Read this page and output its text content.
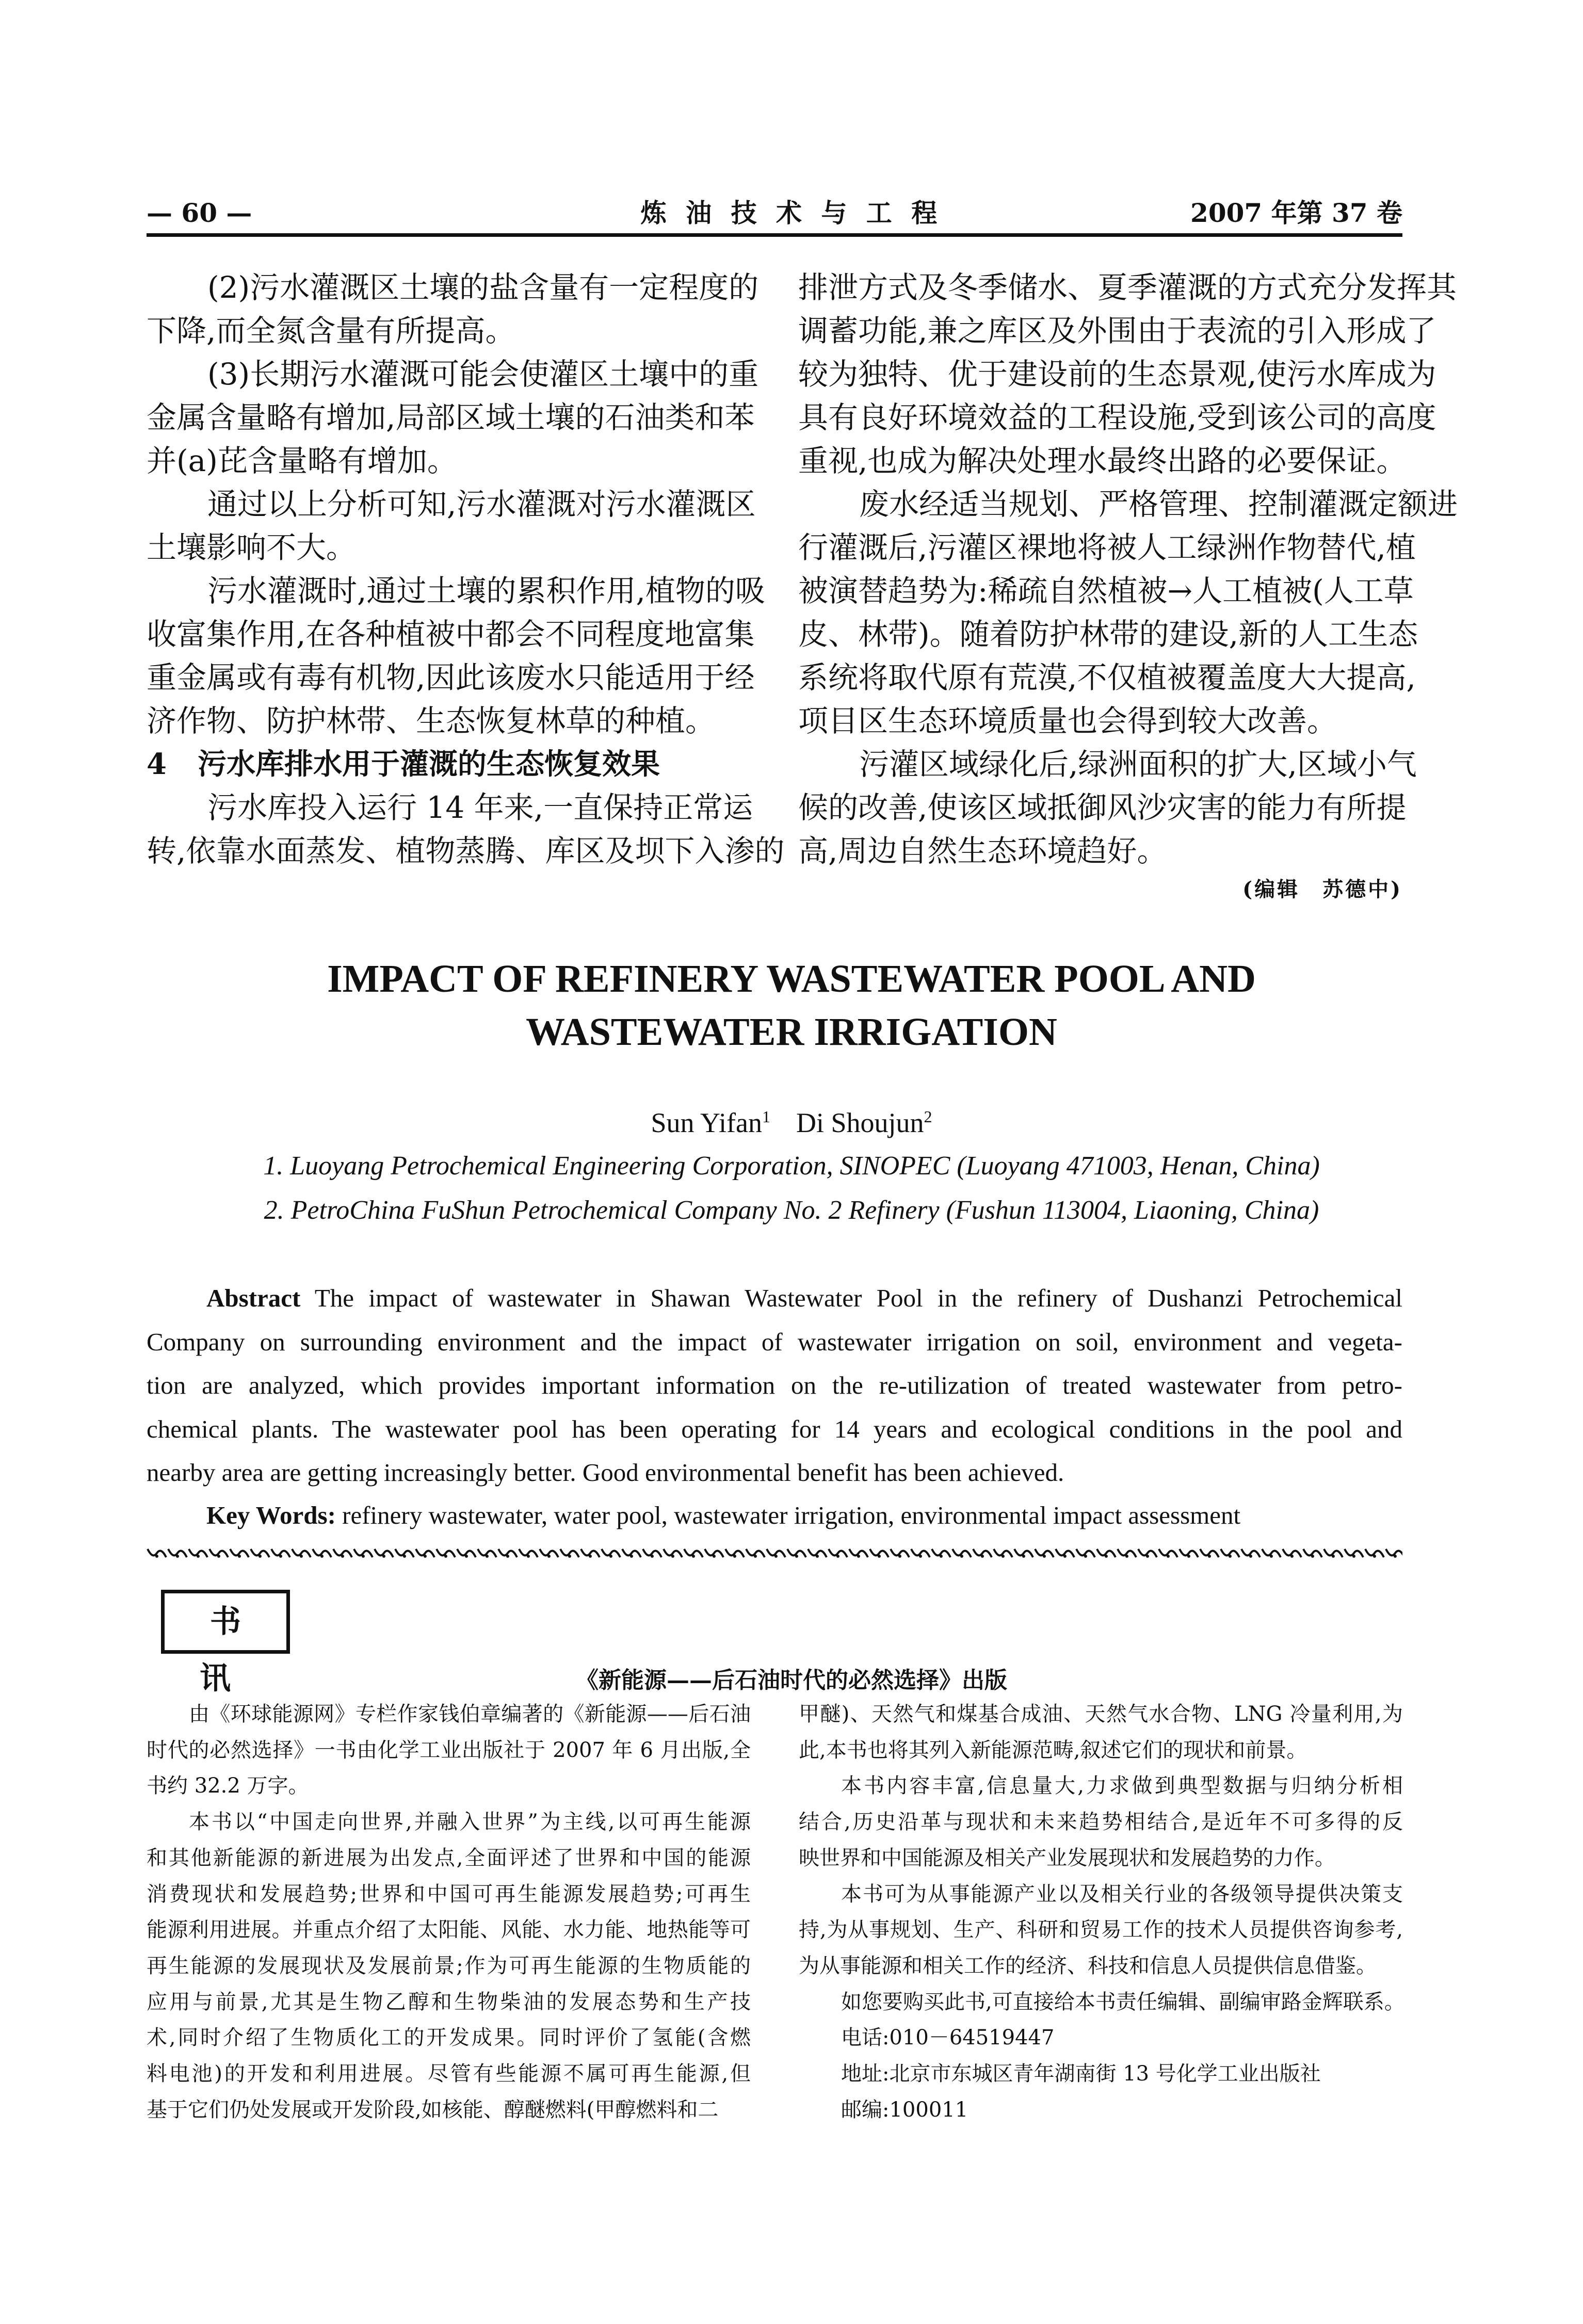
— 60 —	炼 油 技 术 与 工 程	2007 年第 37 卷
(2)污水灌溉区土壤的盐含量有一定程度的
下降,而全氮含量有所提高。
(3)长期污水灌溉可能会使灌区土壤中的重
金属含量略有增加,局部区域土壤的石油类和苯
并(a)芘含量略有增加。
通过以上分析可知,污水灌溉对污水灌溉区
土壤影响不大。
污水灌溉时,通过土壤的累积作用,植物的吸
收富集作用,在各种植被中都会不同程度地富集
重金属或有毒有机物,因此该废水只能适用于经
济作物、防护林带、生态恢复林草的种植。
4 污水库排水用于灌溉的生态恢复效果
污水库投入运行 14 年来,一直保持正常运
转,依靠水面蒸发、植物蒸腾、库区及坝下入渗的
排泄方式及冬季储水、夏季灌溉的方式充分发挥其
调蓄功能,兼之库区及外围由于表流的引入形成了
较为独特、优于建设前的生态景观,使污水库成为
具有良好环境效益的工程设施,受到该公司的高度
重视,也成为解决处理水最终出路的必要保证。
废水经适当规划、严格管理、控制灌溉定额进
行灌溉后,污灌区裸地将被人工绿洲作物替代,植
被演替趋势为:稀疏自然植被→人工植被(人工草
皮、林带)。随着防护林带的建设,新的人工生态
系统将取代原有荒漠,不仅植被覆盖度大大提高,
项目区生态环境质量也会得到较大改善。
污灌区域绿化后,绿洲面积的扩大,区域小气
候的改善,使该区域抵御风沙灾害的能力有所提
高,周边自然生态环境趋好。
(编辑　苏德中)
IMPACT OF REFINERY WASTEWATER POOL AND
WASTEWATER IRRIGATION
Sun Yifan$^1$ Di Shoujun$^2$
1. Luoyang Petrochemical Engineering Corporation, SINOPEC (Luoyang 471003, Henan, China)
2. PetroChina FuShun Petrochemical Company No. 2 Refinery (Fushun 113004, Liaoning, China)
Abstract The impact of wastewater in Shawan Wastewater Pool in the refinery of Dushanzi Petrochemical
Company on surrounding environment and the impact of wastewater irrigation on soil, environment and vegeta-
tion are analyzed, which provides important information on the re-utilization of treated wastewater from petro-
chemical plants. The wastewater pool has been operating for 14 years and ecological conditions in the pool and
nearby area are getting increasingly better. Good environmental benefit has been achieved.
Key Words: refinery wastewater, water pool, wastewater irrigation, environmental impact assessment
书讯	《新能源——后石油时代的必然选择》出版
由《环球能源网》专栏作家钱伯章编著的《新能源——后石油
时代的必然选择》一书由化学工业出版社于 2007 年 6 月出版,全
书约 32.2 万字。
本书以“中国走向世界,并融入世界”为主线,以可再生能源
和其他新能源的新进展为出发点,全面评述了世界和中国的能源
消费现状和发展趋势;世界和中国可再生能源发展趋势;可再生
能源利用进展。并重点介绍了太阳能、风能、水力能、地热能等可
再生能源的发展现状及发展前景;作为可再生能源的生物质能的
应用与前景,尤其是生物乙醇和生物柴油的发展态势和生产技
术,同时介绍了生物质化工的开发成果。同时评价了氢能(含燃
料电池)的开发和利用进展。尽管有些能源不属可再生能源,但
基于它们仍处发展或开发阶段,如核能、醇醚燃料(甲醇燃料和二
甲醚)、天然气和煤基合成油、天然气水合物、LNG 冷量利用,为
此,本书也将其列入新能源范畴,叙述它们的现状和前景。
本书内容丰富,信息量大,力求做到典型数据与归纳分析相
结合,历史沿革与现状和未来趋势相结合,是近年不可多得的反
映世界和中国能源及相关产业发展现状和发展趋势的力作。
本书可为从事能源产业以及相关行业的各级领导提供决策支
持,为从事规划、生产、科研和贸易工作的技术人员提供咨询参考,
为从事能源和相关工作的经济、科技和信息人员提供信息借鉴。
如您要购买此书,可直接给本书责任编辑、副编审路金辉联系。
电话:010－64519447
地址:北京市东城区青年湖南街 13 号化学工业出版社
邮编:100011
